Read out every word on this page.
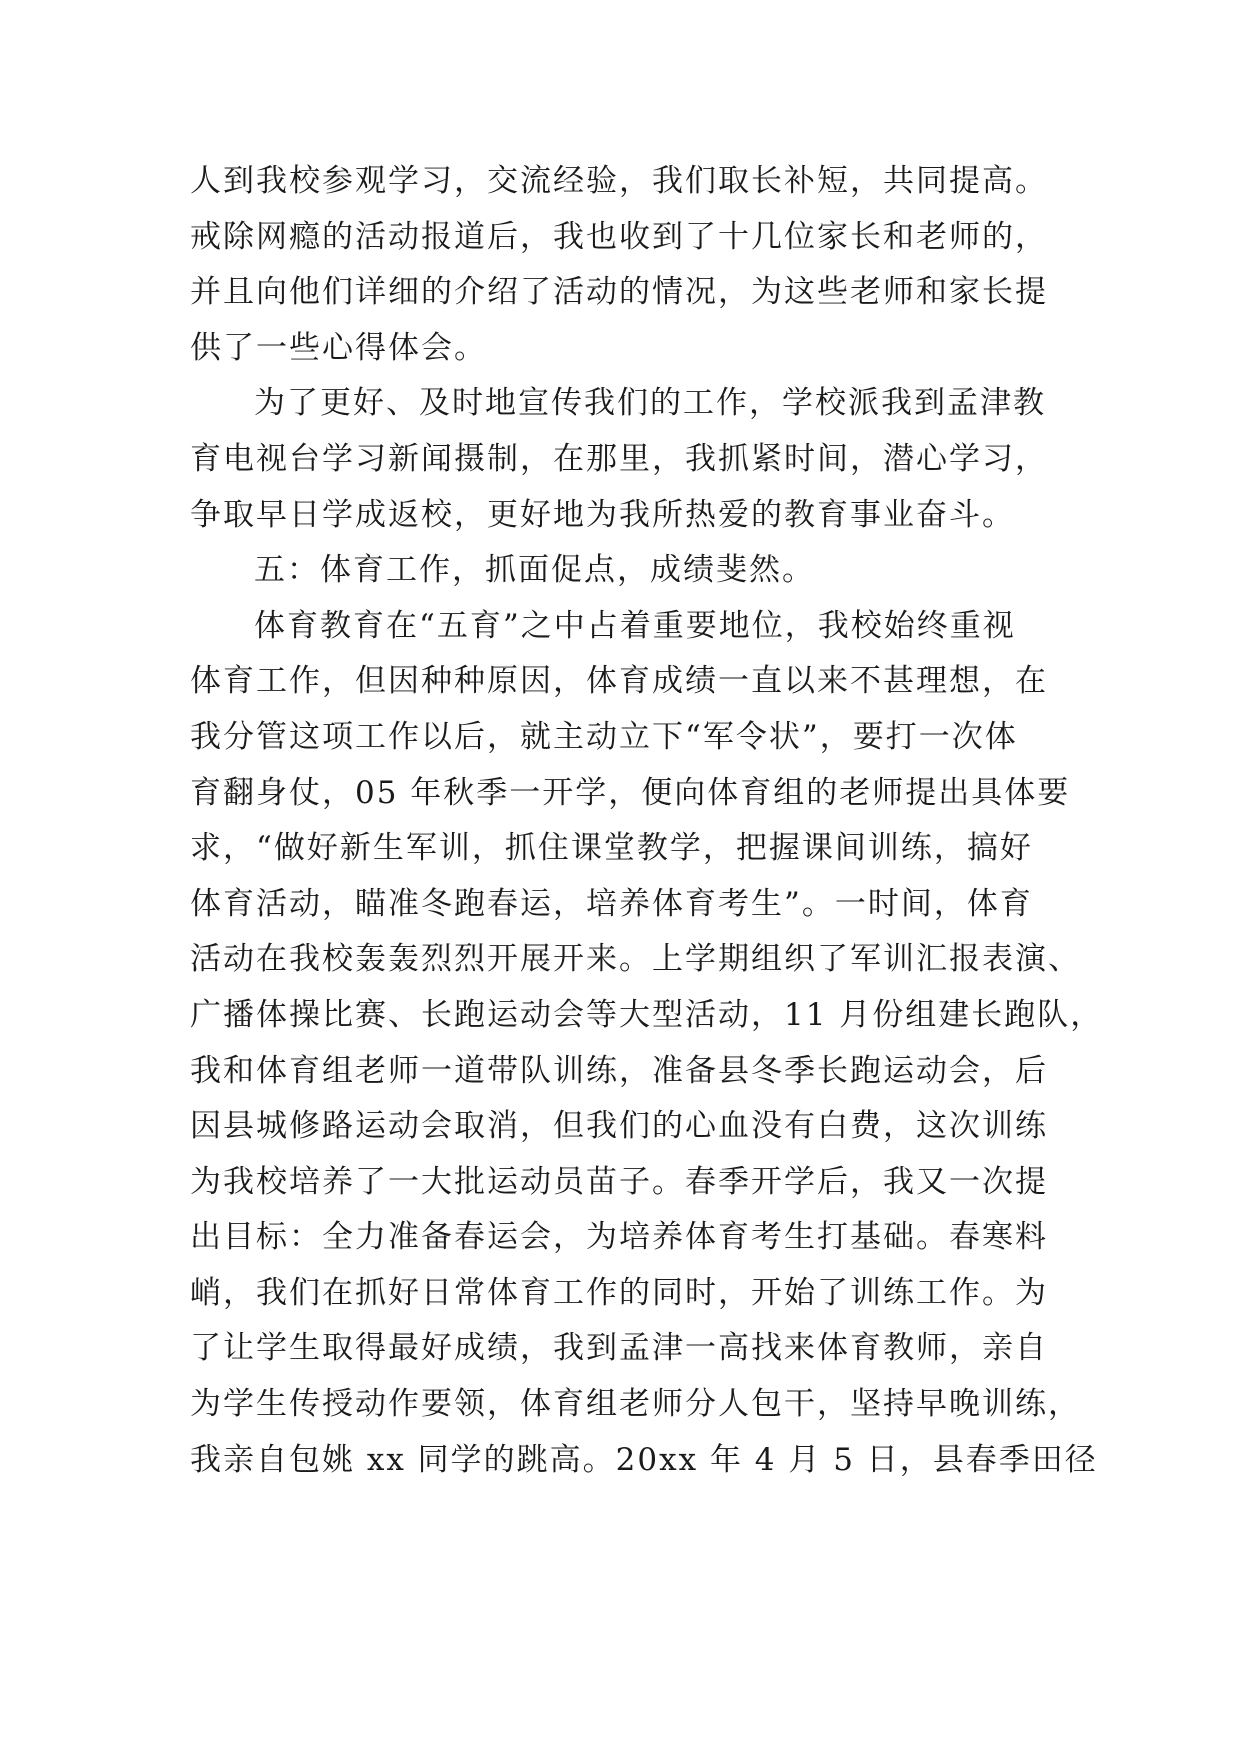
人到我校参观学习，交流经验，我们取长补短，共同提高。
戒除网瘾的活动报道后，我也收到了十几位家长和老师的，
并且向他们详细的介绍了活动的情况，为这些老师和家长提
供了一些心得体会。
为了更好、及时地宣传我们的工作，学校派我到孟津教
育电视台学习新闻摄制，在那里，我抓紧时间，潜心学习，
争取早日学成返校，更好地为我所热爱的教育事业奋斗。
五：体育工作，抓面促点，成绩斐然。
体育教育在“五育”之中占着重要地位，我校始终重视
体育工作，但因种种原因，体育成绩一直以来不甚理想，在
我分管这项工作以后，就主动立下“军令状”，要打一次体
育翻身仗，05 年秋季一开学，便向体育组的老师提出具体要
求，“做好新生军训，抓住课堂教学，把握课间训练，搞好
体育活动，瞄准冬跑春运，培养体育考生”。一时间，体育
活动在我校轰轰烈烈开展开来。上学期组织了军训汇报表演、
广播体操比赛、长跑运动会等大型活动，11 月份组建长跑队，
我和体育组老师一道带队训练，准备县冬季长跑运动会，后
因县城修路运动会取消，但我们的心血没有白费，这次训练
为我校培养了一大批运动员苗子。春季开学后，我又一次提
出目标：全力准备春运会，为培养体育考生打基础。春寒料
峭，我们在抓好日常体育工作的同时，开始了训练工作。为
了让学生取得最好成绩，我到孟津一高找来体育教师，亲自
为学生传授动作要领，体育组老师分人包干，坚持早晚训练，
我亲自包姚 xx 同学的跳高。20xx 年 4 月 5 日，县春季田径
